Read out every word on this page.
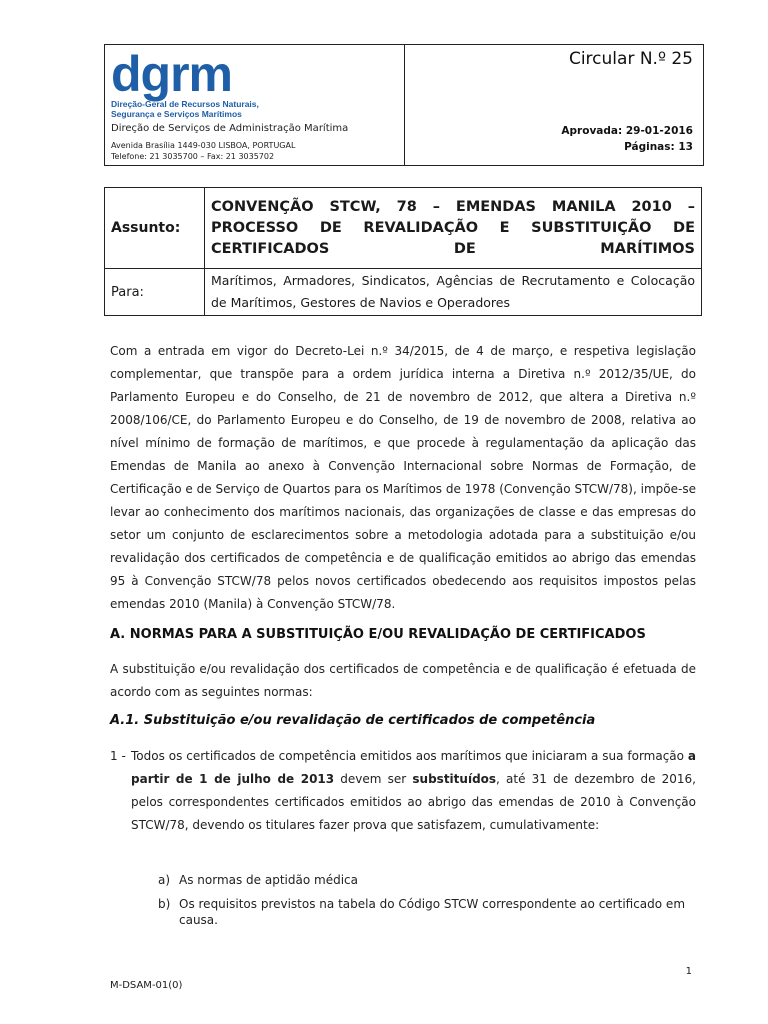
dgrm
Direção-Geral de Recursos Naturais,
Segurança e Serviços Marítimos
Direção de Serviços de Administração Marítima
Avenida Brasília 1449-030 LISBOA, PORTUGAL
Telefone: 21 3035700 – Fax: 21 3035702
Circular N.º 25
Aprovada: 29-01-2016
Páginas: 13
Assunto:	CONVENÇÃO STCW, 78 – EMENDAS MANILA 2010 – PROCESSO DE REVALIDAÇÃO E SUBSTITUIÇÃO DE CERTIFICADOS DE MARÍTIMOS
Para:	Marítimos, Armadores, Sindicatos, Agências de Recrutamento e Colocação de Marítimos, Gestores de Navios e Operadores
Com a entrada em vigor do Decreto-Lei n.º 34/2015, de 4 de março, e respetiva legislação complementar, que transpõe para a ordem jurídica interna a Diretiva n.º 2012/35/UE, do Parlamento Europeu e do Conselho, de 21 de novembro de 2012, que altera a Diretiva n.º 2008/106/CE, do Parlamento Europeu e do Conselho, de 19 de novembro de 2008, relativa ao nível mínimo de formação de marítimos, e que procede à regulamentação da aplicação das Emendas de Manila ao anexo à Convenção Internacional sobre Normas de Formação, de Certificação e de Serviço de Quartos para os Marítimos de 1978 (Convenção STCW/78), impõe-se levar ao conhecimento dos marítimos nacionais, das organizações de classe e das empresas do setor um conjunto de esclarecimentos sobre a metodologia adotada para a substituição e/ou revalidação dos certificados de competência e de qualificação emitidos ao abrigo das emendas 95 à Convenção STCW/78 pelos novos certificados obedecendo aos requisitos impostos pelas emendas 2010 (Manila) à Convenção STCW/78.
A. NORMAS PARA A SUBSTITUIÇÃO E/OU REVALIDAÇÃO DE CERTIFICADOS
A substituição e/ou revalidação dos certificados de competência e de qualificação é efetuada de acordo com as seguintes normas:
A.1. Substituição e/ou revalidação de certificados de competência
1 - Todos os certificados de competência emitidos aos marítimos que iniciaram a sua formação a partir de 1 de julho de 2013 devem ser substituídos, até 31 de dezembro de 2016, pelos correspondentes certificados emitidos ao abrigo das emendas de 2010 à Convenção STCW/78, devendo os titulares fazer prova que satisfazem, cumulativamente:
a) As normas de aptidão médica
b) Os requisitos previstos na tabela do Código STCW correspondente ao certificado em causa.
1
M-DSAM-01(0)
